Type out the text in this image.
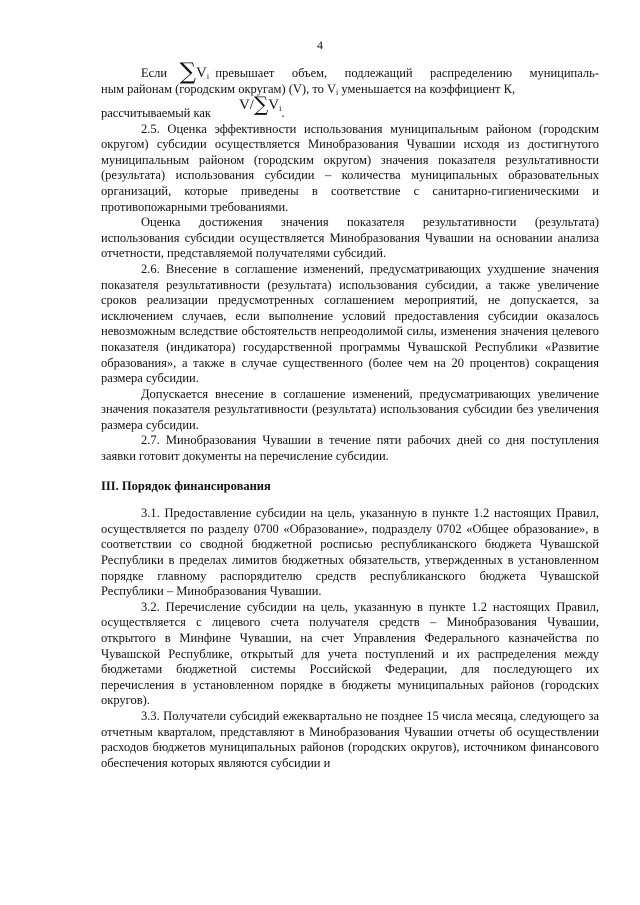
4
Если $\sum V_i$ превышает объем, подлежащий распределению муниципаль-

ным районам (городским округам) (V), то $V_i$ уменьшается на коэффициент К,

рассчитываемый как $V/\sum V_i$.

2.5. Оценка эффективности использования муниципальным районом (городским округом) субсидии осуществляется Минобразования Чувашии исходя из достигнутого муниципальным районом (городским округом) значения показателя результативности (результата) использования субсидии – количества муниципальных образовательных организаций, которые приведены в соответствие с санитарно-гигиеническими и противопожарными требованиями.

Оценка достижения значения показателя результативности (результата) использования субсидии осуществляется Минобразования Чувашии на основании анализа отчетности, представляемой получателями субсидий.

2.6. Внесение в соглашение изменений, предусматривающих ухудшение значения показателя результативности (результата) использования субсидии, а также увеличение сроков реализации предусмотренных соглашением мероприятий, не допускается, за исключением случаев, если выполнение условий предоставления субсидии оказалось невозможным вследствие обстоятельств непреодолимой силы, изменения значения целевого показателя (индикатора) государственной программы Чувашской Республики «Развитие образования», а также в случае существенного (более чем на 20 процентов) сокращения размера субсидии.

Допускается внесение в соглашение изменений, предусматривающих увеличение значения показателя результативности (результата) использования субсидии без увеличения размера субсидии.

2.7. Минобразования Чувашии в течение пяти рабочих дней со дня поступления заявки готовит документы на перечисление субсидии.

III. Порядок финансирования

3.1. Предоставление субсидии на цель, указанную в пункте 1.2 настоящих Правил, осуществляется по разделу 0700 «Образование», подразделу 0702 «Общее образование», в соответствии со сводной бюджетной росписью республиканского бюджета Чувашской Республики в пределах лимитов бюджетных обязательств, утвержденных в установленном порядке главному распорядителю средств республиканского бюджета Чувашской Республики – Минобразования Чувашии.

3.2. Перечисление субсидии на цель, указанную в пункте 1.2 настоящих Правил, осуществляется с лицевого счета получателя средств – Минобразования Чувашии, открытого в Минфине Чувашии, на счет Управления Федерального казначейства по Чувашской Республике, открытый для учета поступлений и их распределения между бюджетами бюджетной системы Российской Федерации, для последующего их перечисления в установленном порядке в бюджеты муниципальных районов (городских округов).

3.3. Получатели субсидий ежеквартально не позднее 15 числа месяца, следующего за отчетным кварталом, представляют в Минобразования Чувашии отчеты об осуществлении расходов бюджетов муниципальных районов (городских округов), источником финансового обеспечения которых являются субсидии и
